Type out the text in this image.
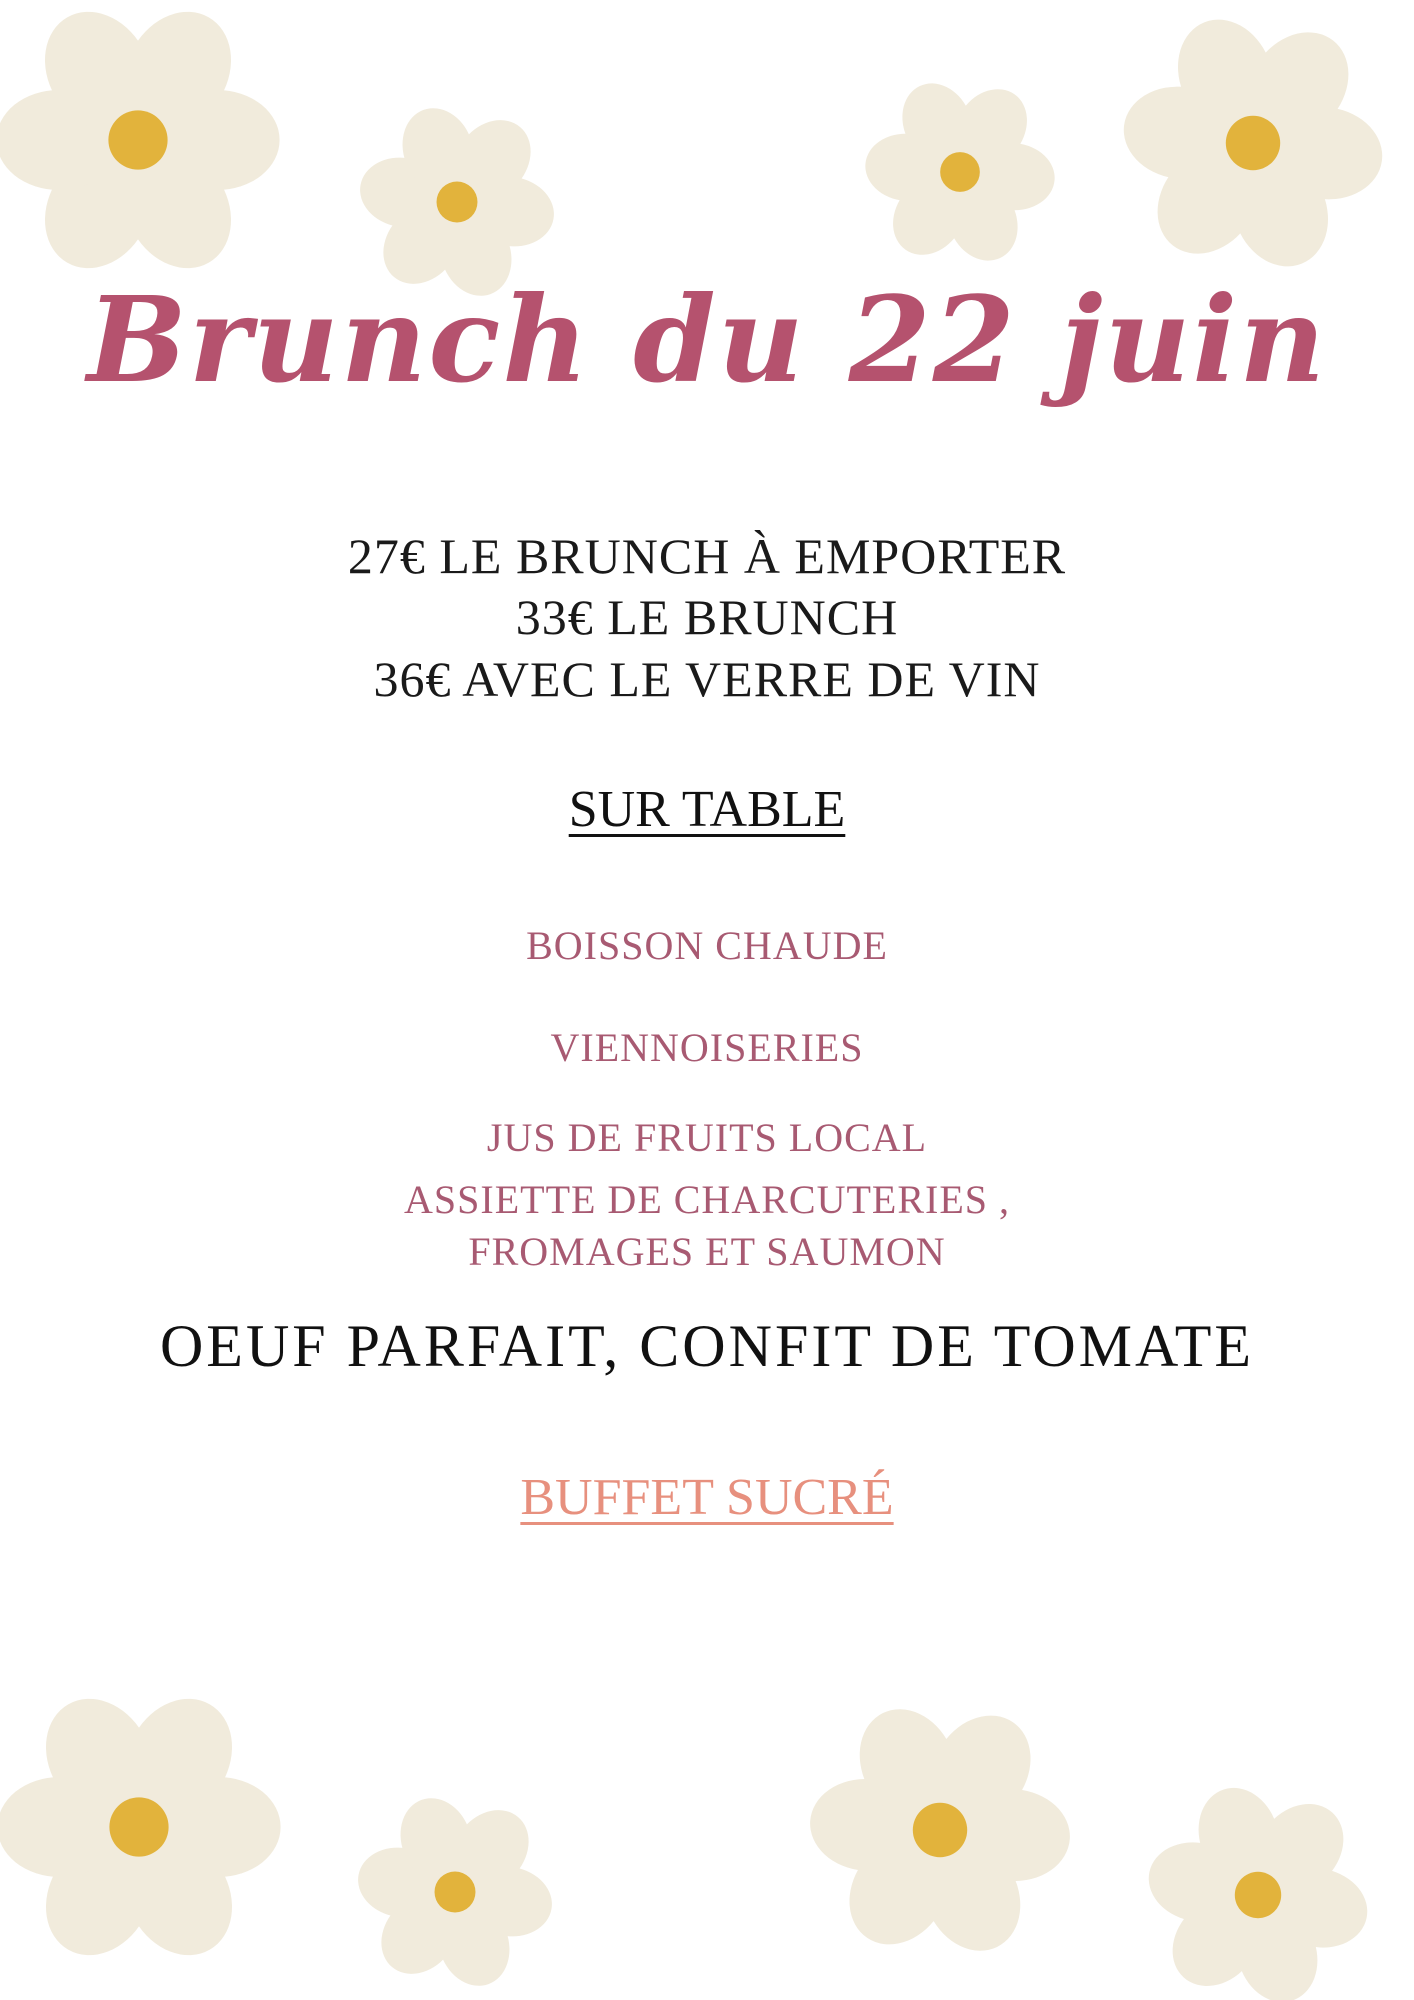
Brunch du 22 juin

27€ LE BRUNCH À EMPORTER

33€ LE BRUNCH

36€ AVEC LE VERRE DE VIN

SUR TABLE

BOISSON CHAUDE

VIENNOISERIES

JUS DE FRUITS LOCAL

ASSIETTE DE CHARCUTERIES ,

FROMAGES ET SAUMON

OEUF PARFAIT, CONFIT DE TOMATE

BUFFET SUCRÉ
